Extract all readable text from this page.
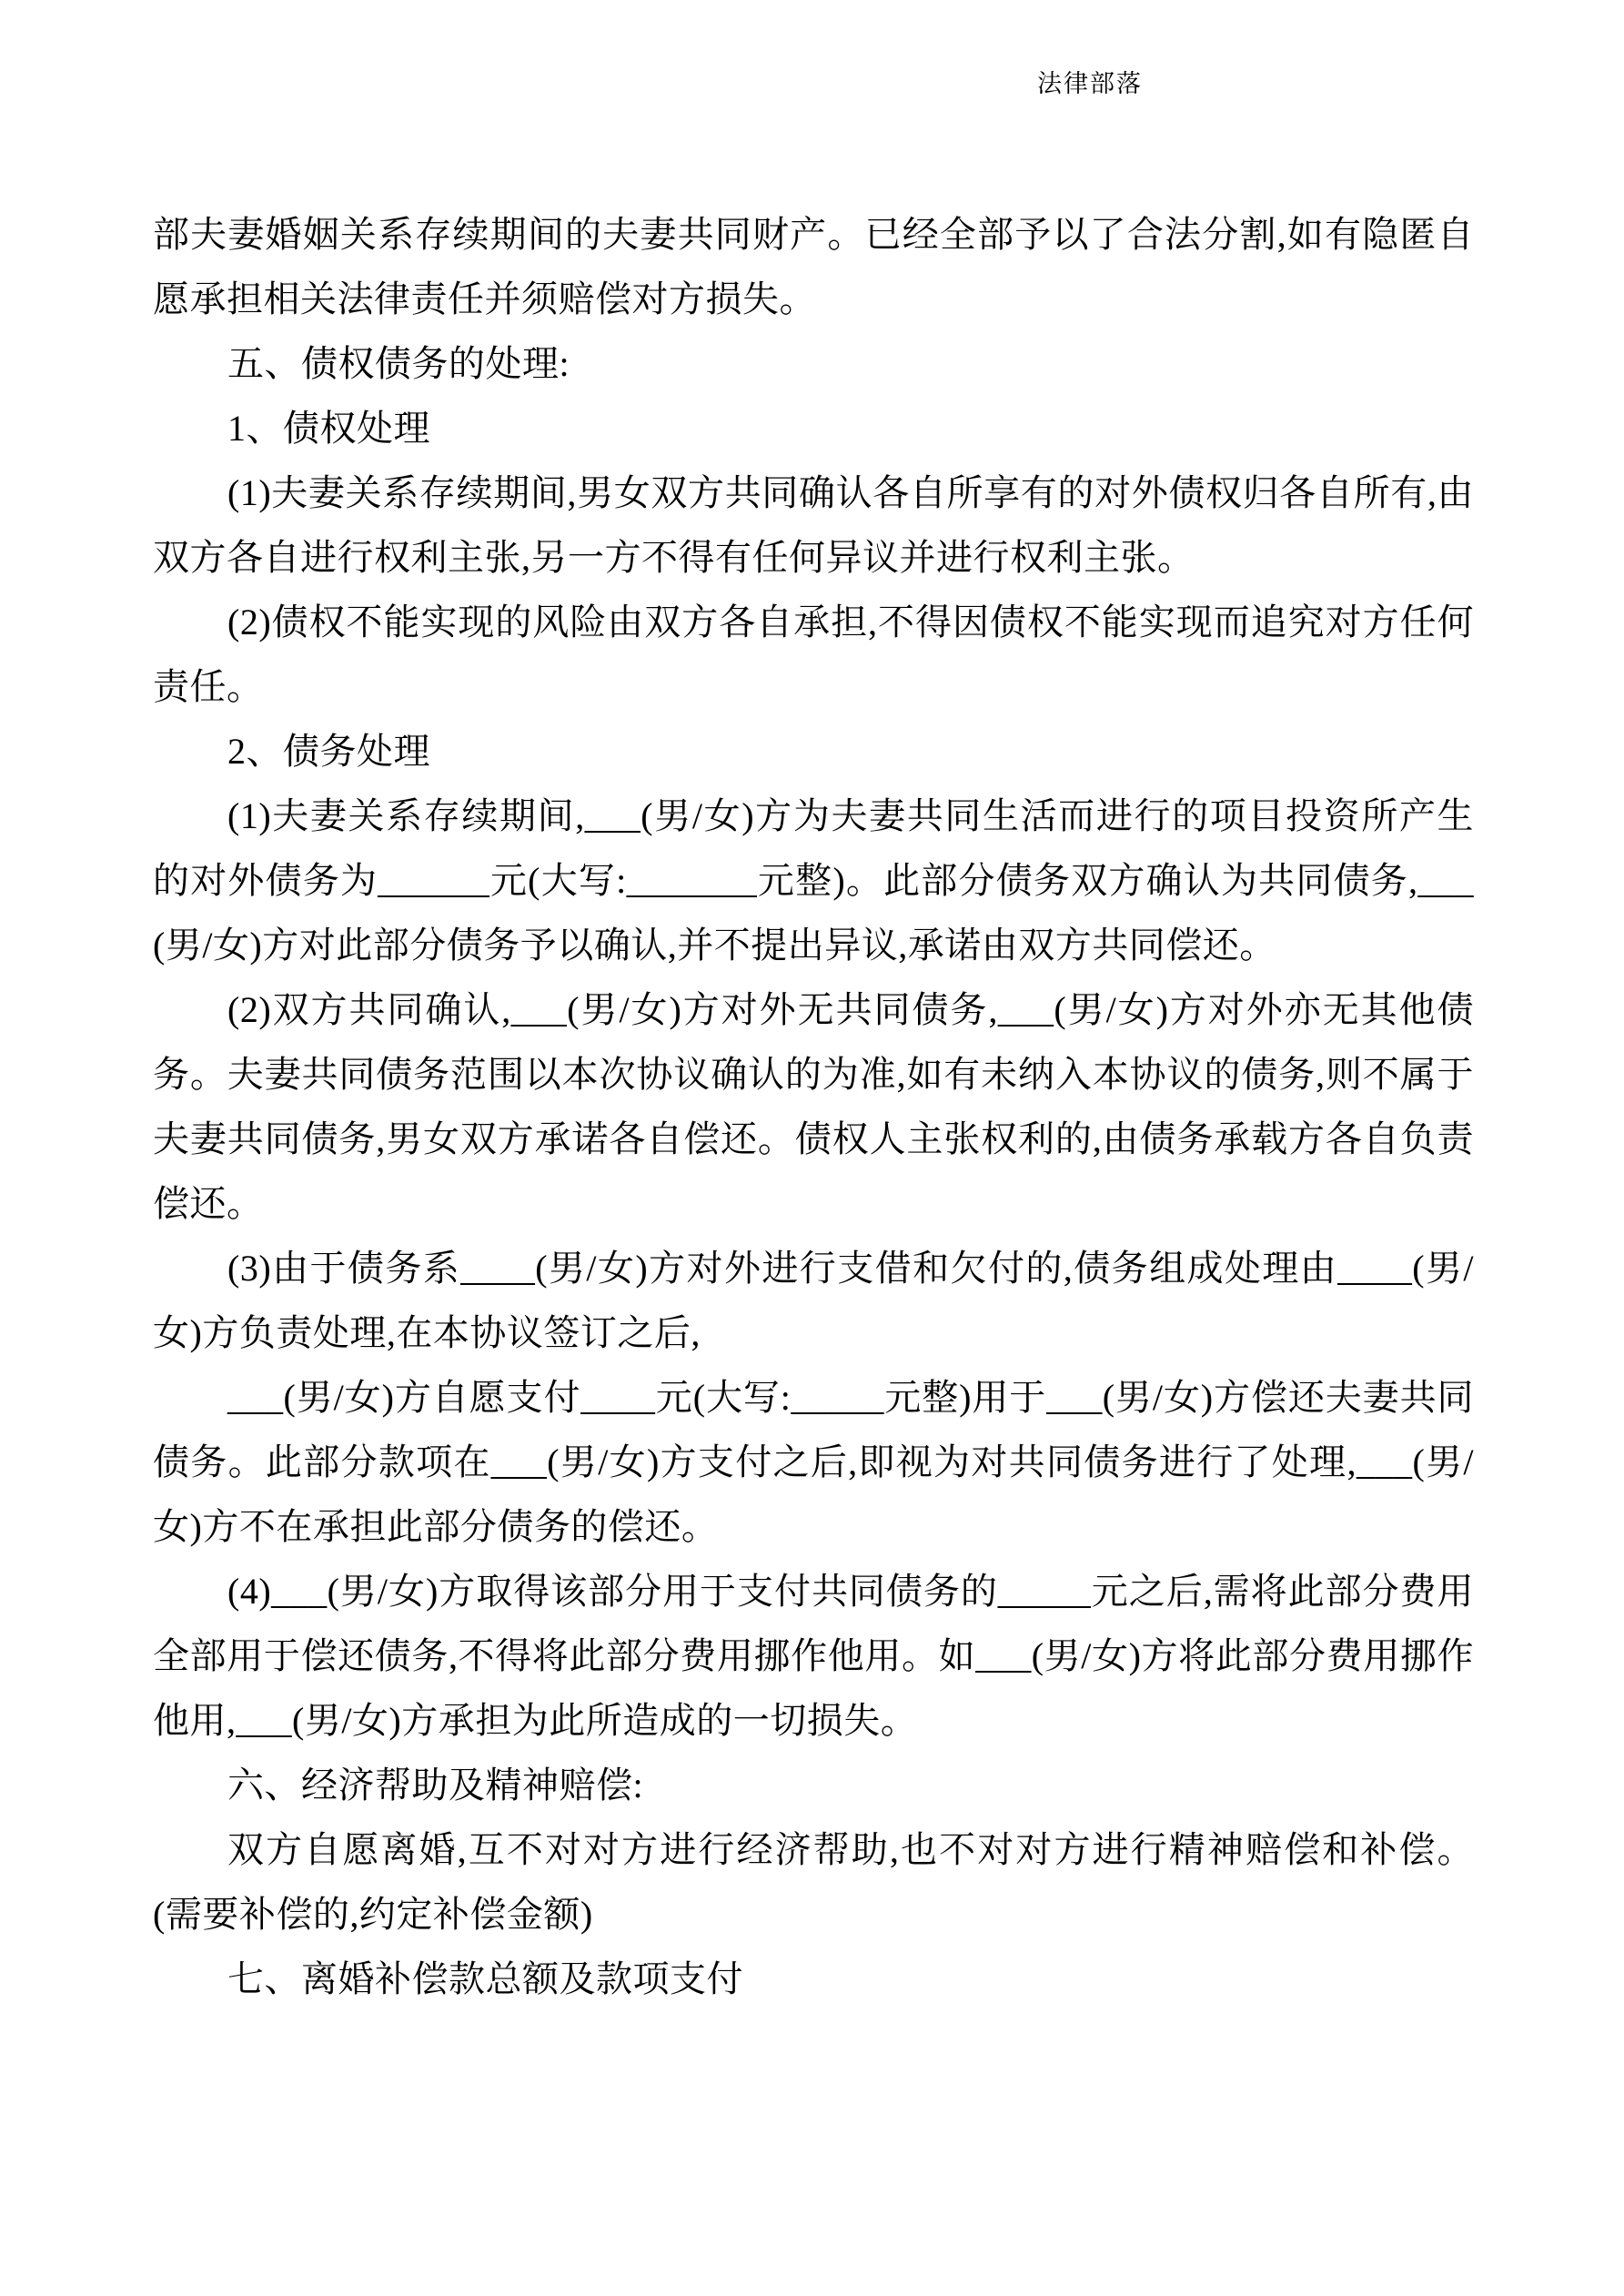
法律部落

部夫妻婚姻关系存续期间的夫妻共同财产。已经全部予以了合法分割,如有隐匿自愿承担相关法律责任并须赔偿对方损失。

五、债权债务的处理:

1、债权处理

(1)夫妻关系存续期间,男女双方共同确认各自所享有的对外债权归各自所有,由双方各自进行权利主张,另一方不得有任何异议并进行权利主张。

(2)债权不能实现的风险由双方各自承担,不得因债权不能实现而追究对方任何责任。

2、债务处理

(1)夫妻关系存续期间,___(男/女)方为夫妻共同生活而进行的项目投资所产生的对外债务为______元(大写:_______元整)。此部分债务双方确认为共同债务,___(男/女)方对此部分债务予以确认,并不提出异议,承诺由双方共同偿还。

(2)双方共同确认,___(男/女)方对外无共同债务,___(男/女)方对外亦无其他债务。夫妻共同债务范围以本次协议确认的为准,如有未纳入本协议的债务,则不属于夫妻共同债务,男女双方承诺各自偿还。债权人主张权利的,由债务承载方各自负责偿还。

(3)由于债务系____(男/女)方对外进行支借和欠付的,债务组成处理由____(男/女)方负责处理,在本协议签订之后,

___(男/女)方自愿支付____元(大写:_____元整)用于___(男/女)方偿还夫妻共同债务。此部分款项在___(男/女)方支付之后,即视为对共同债务进行了处理,___(男/女)方不在承担此部分债务的偿还。

(4)___(男/女)方取得该部分用于支付共同债务的_____元之后,需将此部分费用全部用于偿还债务,不得将此部分费用挪作他用。如___(男/女)方将此部分费用挪作他用,___(男/女)方承担为此所造成的一切损失。

六、经济帮助及精神赔偿:

双方自愿离婚,互不对对方进行经济帮助,也不对对方进行精神赔偿和补偿。(需要补偿的,约定补偿金额)

七、离婚补偿款总额及款项支付
